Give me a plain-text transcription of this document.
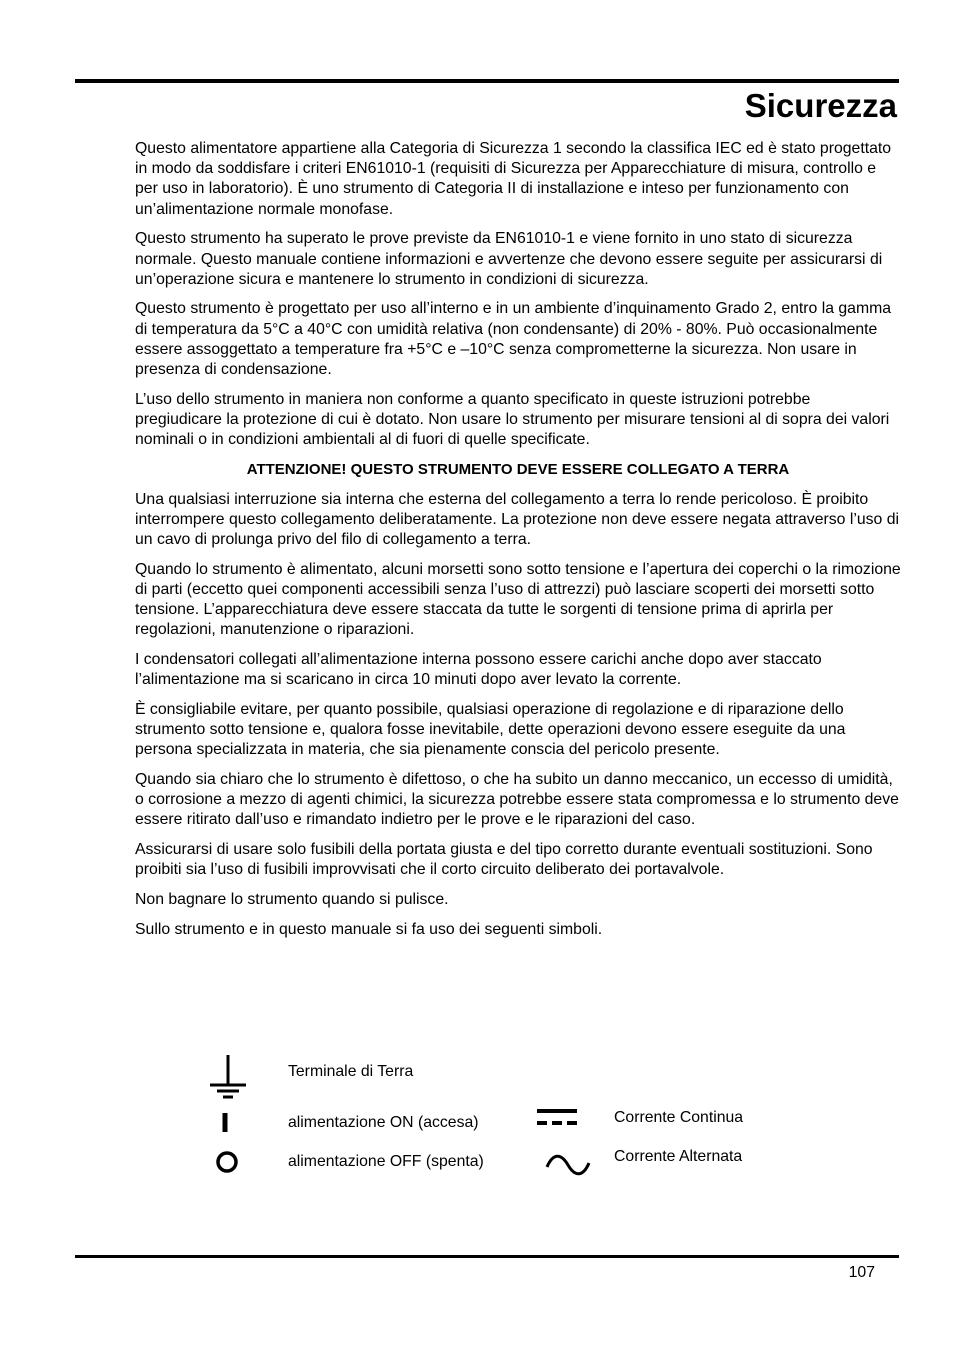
Sicurezza

Questo alimentatore appartiene alla Categoria di Sicurezza 1 secondo la classifica IEC ed è stato progettato in modo da soddisfare i criteri EN61010-1 (requisiti di Sicurezza per Apparecchiature di misura, controllo e per uso in laboratorio). È uno strumento di Categoria II di installazione e inteso per funzionamento con un’alimentazione normale monofase.

Questo strumento ha superato le prove previste da EN61010-1 e viene fornito in uno stato di sicurezza normale. Questo manuale contiene informazioni e avvertenze che devono essere seguite per assicurarsi di un’operazione sicura e mantenere lo strumento in condizioni di sicurezza.

Questo strumento è progettato per uso all’interno e in un ambiente d’inquinamento Grado 2, entro la gamma di temperatura da 5°C a 40°C con umidità relativa (non condensante) di 20% - 80%. Può occasionalmente essere assoggettato a temperature fra +5°C e –10°C senza comprometterne la sicurezza. Non usare in presenza di condensazione.

L’uso dello strumento in maniera non conforme a quanto specificato in queste istruzioni potrebbe pregiudicare la protezione di cui è dotato. Non usare lo strumento per misurare tensioni al di sopra dei valori nominali o in condizioni ambientali al di fuori di quelle specificate.

ATTENZIONE! QUESTO STRUMENTO DEVE ESSERE COLLEGATO A TERRA

Una qualsiasi interruzione sia interna che esterna del collegamento a terra lo rende pericoloso. È proibito interrompere questo collegamento deliberatamente. La protezione non deve essere negata attraverso l’uso di un cavo di prolunga privo del filo di collegamento a terra.

Quando lo strumento è alimentato, alcuni morsetti sono sotto tensione e l’apertura dei coperchi o la rimozione di parti (eccetto quei componenti accessibili senza l’uso di attrezzi) può lasciare scoperti dei morsetti sotto tensione. L’apparecchiatura deve essere staccata da tutte le sorgenti di tensione prima di aprirla per regolazioni, manutenzione o riparazioni.

I condensatori collegati all’alimentazione interna possono essere carichi anche dopo aver staccato l’alimentazione ma si scaricano in circa 10 minuti dopo aver levato la corrente.

È consigliabile evitare, per quanto possibile, qualsiasi operazione di regolazione e di riparazione dello strumento sotto tensione e, qualora fosse inevitabile, dette operazioni devono essere eseguite da una persona specializzata in materia, che sia pienamente conscia del pericolo presente.

Quando sia chiaro che lo strumento è difettoso, o che ha subito un danno meccanico, un eccesso di umidità, o corrosione a mezzo di agenti chimici, la sicurezza potrebbe essere stata compromessa e lo strumento deve essere ritirato dall’uso e rimandato indietro per le prove e le riparazioni del caso.

Assicurarsi di usare solo fusibili della portata giusta e del tipo corretto durante eventuali sostituzioni. Sono proibiti sia l’uso di fusibili improvvisati che il corto circuito deliberato dei portavalvole.

Non bagnare lo strumento quando si pulisce.

Sullo strumento e in questo manuale si fa uso dei seguenti simboli.

Terminale di Terra
alimentazione ON (accesa)
alimentazione OFF (spenta)
Corrente Continua
Corrente Alternata
107
